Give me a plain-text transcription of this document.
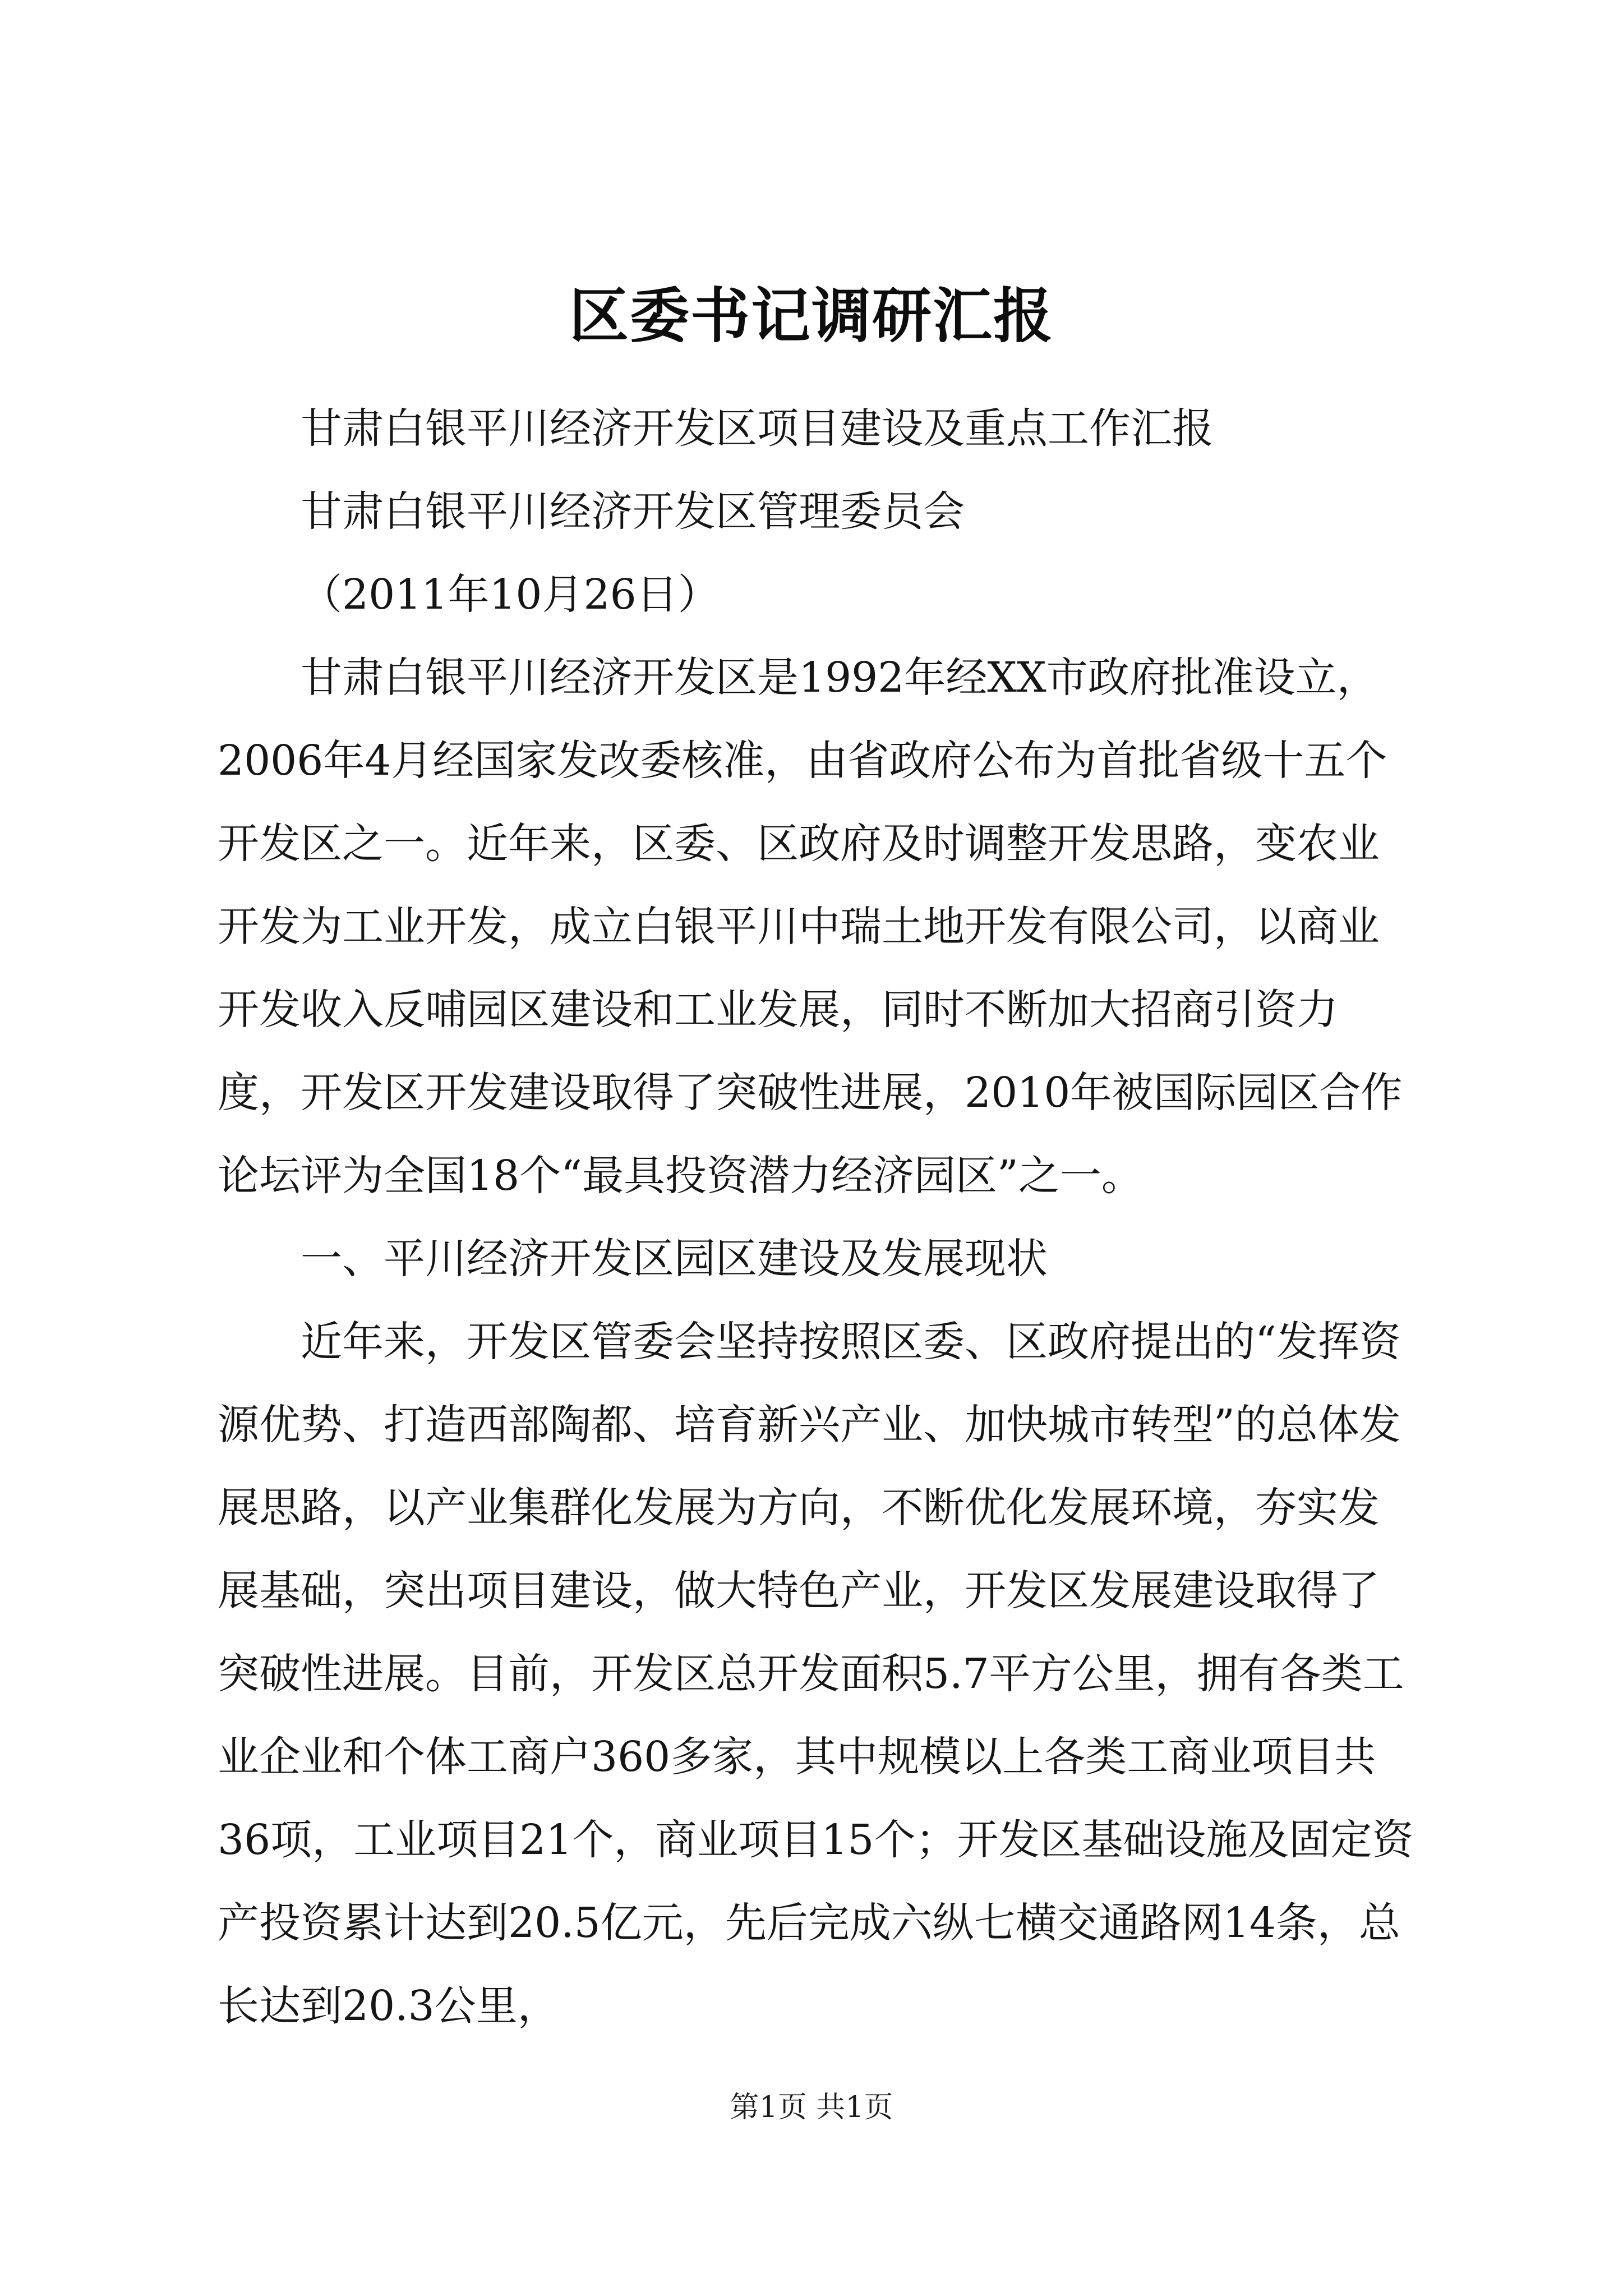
区委书记调研汇报

甘肃白银平川经济开发区项目建设及重点工作汇报

甘肃白银平川经济开发区管理委员会

（2011年10月26日）

甘肃白银平川经济开发区是1992年经XX市政府批准设立，2006年4月经国家发改委核准，由省政府公布为首批省级十五个开发区之一。近年来，区委、区政府及时调整开发思路，变农业开发为工业开发，成立白银平川中瑞土地开发有限公司，以商业开发收入反哺园区建设和工业发展，同时不断加大招商引资力度，开发区开发建设取得了突破性进展，2010年被国际园区合作论坛评为全国18个“最具投资潜力经济园区”之一。

一、平川经济开发区园区建设及发展现状

近年来，开发区管委会坚持按照区委、区政府提出的“发挥资源优势、打造西部陶都、培育新兴产业、加快城市转型”的总体发展思路，以产业集群化发展为方向，不断优化发展环境，夯实发展基础，突出项目建设，做大特色产业，开发区发展建设取得了突破性进展。目前，开发区总开发面积5.7平方公里，拥有各类工业企业和个体工商户360多家，其中规模以上各类工商业项目共36项，工业项目21个，商业项目15个；开发区基础设施及固定资产投资累计达到20.5亿元，先后完成六纵七横交通路网14条，总长达到20.3公里，

第1页 共1页
